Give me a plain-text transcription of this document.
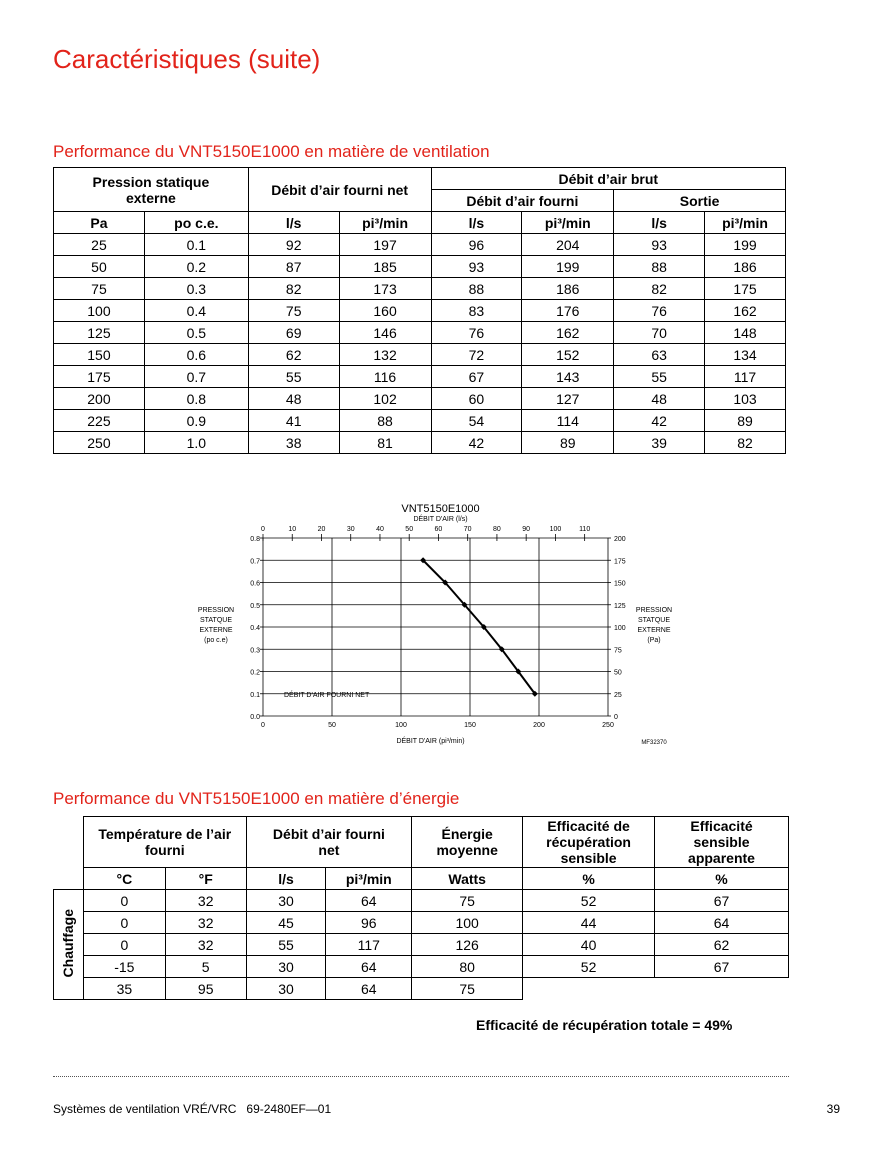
Caractéristiques (suite)
Performance du VNT5150E1000 en matière de ventilation
Pression statique externe		Débit d’air fourni net		Débit d’air brut			
				Débit d’air fourni		Sortie	
Pa	po c.e.	l/s	pi³/min	l/s	pi³/min	l/s	pi³/min
25	0.1	92	197	96	204	93	199
50	0.2	87	185	93	199	88	186
75	0.3	82	173	88	186	82	175
100	0.4	75	160	83	176	76	162
125	0.5	69	146	76	162	70	148
150	0.6	62	132	72	152	63	134
175	0.7	55	116	67	143	55	117
200	0.8	48	102	60	127	48	103
225	0.9	41	88	54	114	42	89
250	1.0	38	81	42	89	39	82
VNT5150E1000
DÉBIT D'AIR (l/s)
0.0	0
0.1	25
0.2	50
0.3	75
0.4	100
0.5	125
0.6	150
0.7	175
0.8	200
0	50	100	150	200	250
0	10	20	30	40	50	60	70	80	90	100	110
PRESSION
STATQUE
EXTERNE
(po c.e)
PRESSION
STATQUE
EXTERNE
(Pa)
DÉBIT D'AIR (pi³/min)	MF32370
DÉBIT D'AIR FOURNI NET
Performance du VNT5150E1000 en matière d’énergie
	Température de l’air fourni		Débit d’air fourni net		Énergie moyenne	Efficacité de récupération sensible	Efficacité sensible apparente
	°C	°F	l/s	pi³/min	Watts	%	%
Chauffage	0	32	30	64	75	52	67
	0	32	45	96	100	44	64
	0	32	55	117	126	40	62
	-15	5	30	64	80	52	67
	35	95	30	64	75		
Efficacité de récupération totale = 49%
Systèmes de ventilation VRÉ/VRC   69-2480EF—01	39
